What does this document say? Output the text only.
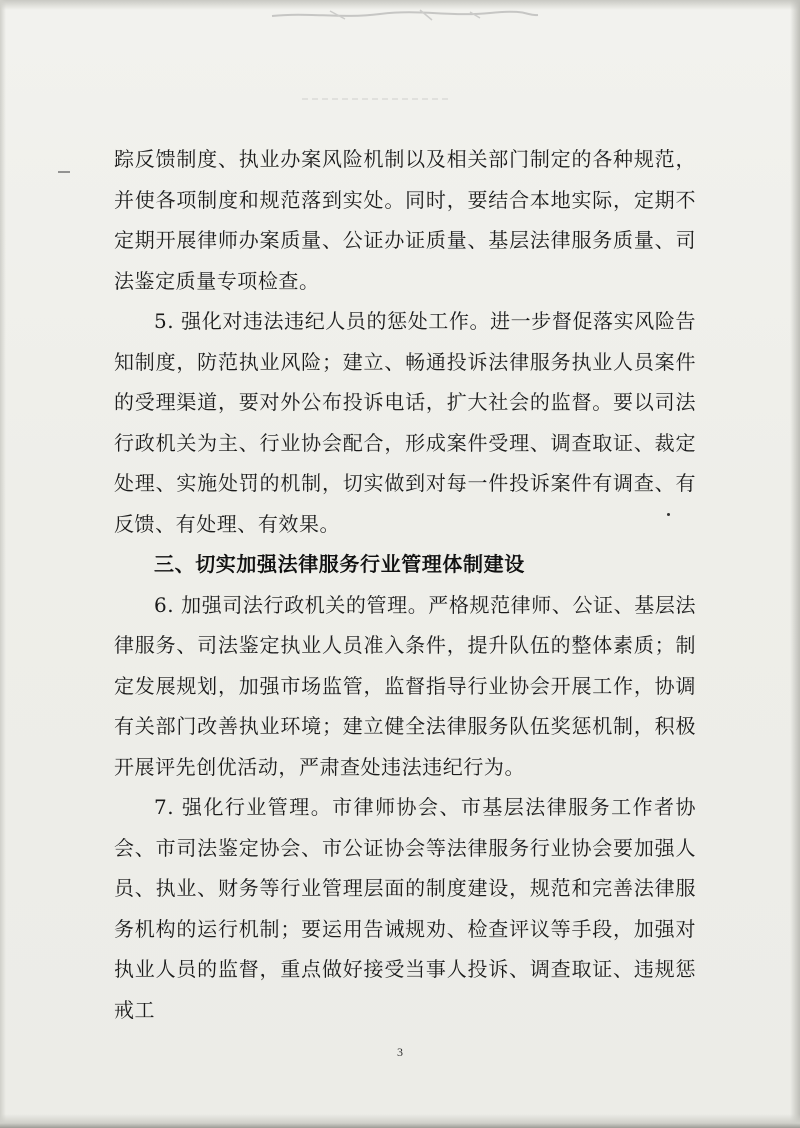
踪反馈制度、执业办案风险机制以及相关部门制定的各种规范，并使各项制度和规范落到实处。同时，要结合本地实际，定期不定期开展律师办案质量、公证办证质量、基层法律服务质量、司法鉴定质量专项检查。

5. 强化对违法违纪人员的惩处工作。进一步督促落实风险告知制度，防范执业风险；建立、畅通投诉法律服务执业人员案件的受理渠道，要对外公布投诉电话，扩大社会的监督。要以司法行政机关为主、行业协会配合，形成案件受理、调查取证、裁定处理、实施处罚的机制，切实做到对每一件投诉案件有调查、有反馈、有处理、有效果。

三、切实加强法律服务行业管理体制建设

6. 加强司法行政机关的管理。严格规范律师、公证、基层法律服务、司法鉴定执业人员准入条件，提升队伍的整体素质；制定发展规划，加强市场监管，监督指导行业协会开展工作，协调有关部门改善执业环境；建立健全法律服务队伍奖惩机制，积极开展评先创优活动，严肃查处违法违纪行为。

7. 强化行业管理。市律师协会、市基层法律服务工作者协会、市司法鉴定协会、市公证协会等法律服务行业协会要加强人员、执业、财务等行业管理层面的制度建设，规范和完善法律服务机构的运行机制；要运用告诫规劝、检查评议等手段，加强对执业人员的监督，重点做好接受当事人投诉、调查取证、违规惩戒工

3
